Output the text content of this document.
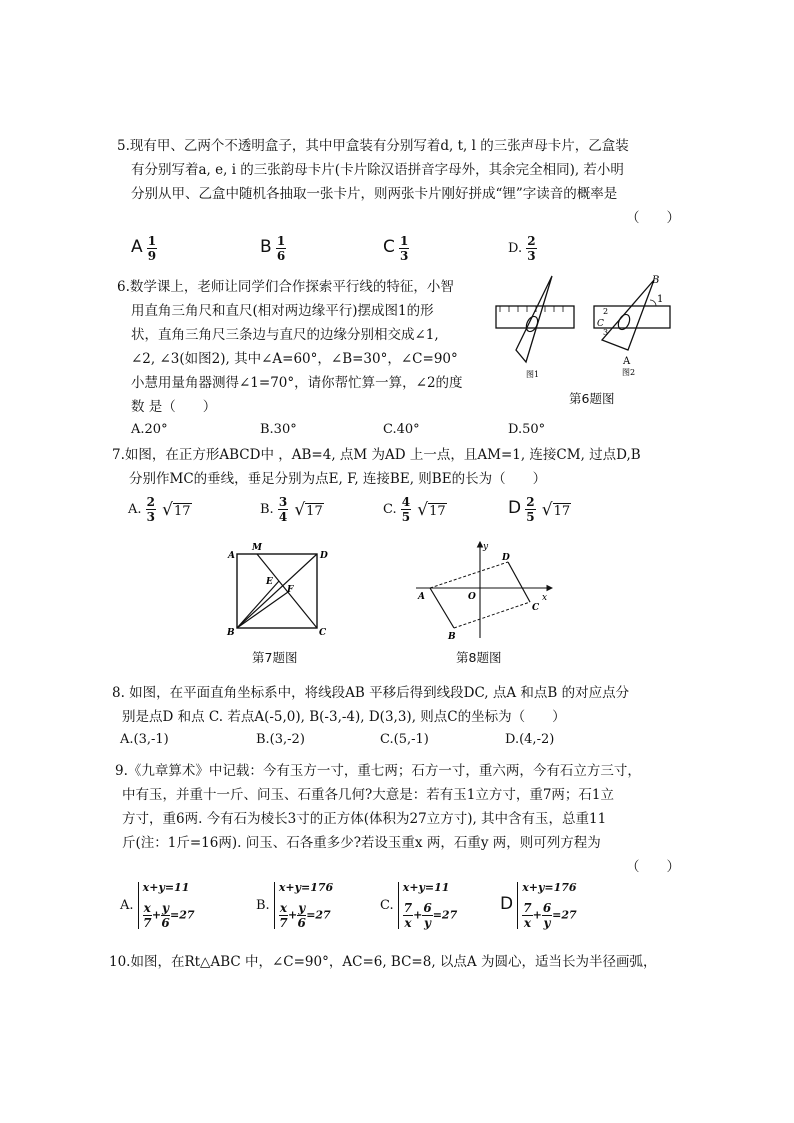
5.现有甲、乙两个不透明盒子，其中甲盒装有分别写着d, t, l 的三张声母卡片，乙盒装
有分别写着a, e, i 的三张韵母卡片(卡片除汉语拼音字母外，其余完全相同), 若小明
分别从甲、乙盒中随机各抽取一张卡片，则两张卡片刚好拼成“锂”字读音的概率是
（　　）
A $\frac{1}{9}$	B $\frac{1}{6}$	C $\frac{1}{3}$	D. $\frac{2}{3}$
6.数学课上，老师让同学们合作探索平行线的特征，小智
用直角三角尺和直尺(相对两边缘平行)摆成图1的形
状，直角三角尺三条边与直尺的边缘分别相交成∠1,
∠2, ∠3(如图2), 其中∠A=60°，∠B=30°，∠C=90°
小慧用量角器测得∠1=70°，请你帮忙算一算，∠2的度
数 是（　　）
A.20°	B.30°	C.40°	D.50°
B
1
C
2
3
A
图1	图2
第6题图
7.如图，在正方形ABCD中 ，AB=4, 点M 为AD 上一点，且AM=1, 连接CM, 过点D,B
分别作MC的垂线，垂足分别为点E, F, 连接BE, 则BE的长为（　　）
A. $\frac{2}{3}$
√ 17	B. $\frac{3}{4}$
√ 17	C. $\frac{4}{5}$
√ 17	D $\frac{2}{5}$
√ 17
A
M
D
E
F
B	C
第7题图
y
x
O
A
B
D
C
第8题图
8. 如图，在平面直角坐标系中，将线段AB 平移后得到线段DC, 点A 和点B 的对应点分
别是点D 和点 C. 若点A(-5,0), B(-3,-4), D(3,3), 则点C的坐标为（　　）
A.(3,-1)	B.(3,-2)	C.(5,-1)	D.(4,-2)
9.《九章算术》中记载：今有玉方一寸，重七两；石方一寸，重六两，今有石立方三寸，
中有玉，并重十一斤、问玉、石重各几何?大意是：若有玉1立方寸，重7两；石1立
方寸，重6两. 今有石为棱长3寸的正方体(体积为27立方寸), 其中含有玉，总重11
斤(注：1斤=16两). 问玉、石各重多少?若设玉重x 两，石重y 两，则可列方程为
（　　）
A.
x+y=11
$\frac{x}{7} + \frac{y}{6} =27$
B.
x+y=176
$\frac{x}{7} + \frac{y}{6} =27$
C.
x+y=11
$\frac{7}{x} + \frac{6}{y} =27$
D
x+y=176
$\frac{7}{x} + \frac{6}{y} =27$
10.如图，在Rt△ABC 中，∠C=90°，AC=6, BC=8, 以点A 为圆心，适当长为半径画弧，
